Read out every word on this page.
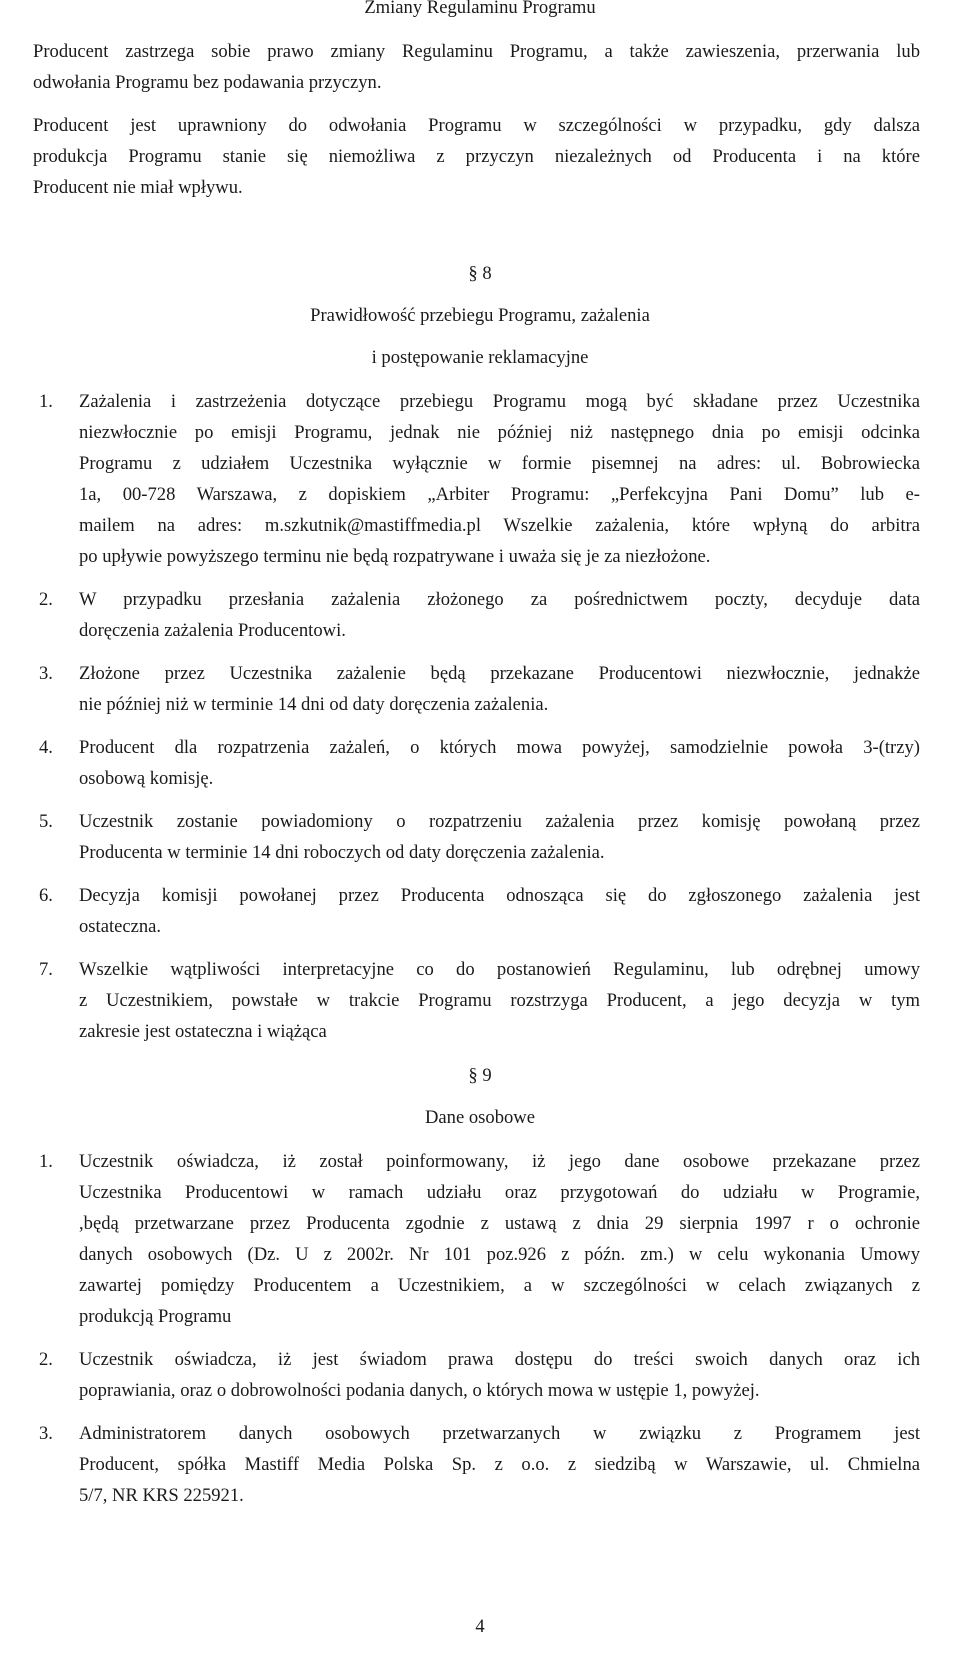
Zmiany Regulaminu Programu
Producent zastrzega sobie prawo zmiany Regulaminu Programu, a także zawieszenia, przerwania lub
odwołania Programu bez podawania przyczyn.
Producent jest uprawniony do odwołania Programu w szczególności w przypadku, gdy dalsza
produkcja Programu stanie się niemożliwa z przyczyn niezależnych od Producenta i na które
Producent nie miał wpływu.
§ 8
Prawidłowość przebiegu Programu, zażalenia
i postępowanie reklamacyjne
1. Zażalenia i zastrzeżenia dotyczące przebiegu Programu mogą być składane przez Uczestnika
niezwłocznie po emisji Programu, jednak nie później niż następnego dnia po emisji odcinka
Programu z udziałem Uczestnika wyłącznie w formie pisemnej na adres: ul. Bobrowiecka
1a, 00-728 Warszawa, z dopiskiem „Arbiter Programu: „Perfekcyjna Pani Domu” lub e-
mailem na adres: m.szkutnik@mastiffmedia.pl Wszelkie zażalenia, które wpłyną do arbitra
po upływie powyższego terminu nie będą rozpatrywane i uważa się je za niezłożone.
2. W przypadku przesłania zażalenia złożonego za pośrednictwem poczty, decyduje data
doręczenia zażalenia Producentowi.
3. Złożone przez Uczestnika zażalenie będą przekazane Producentowi niezwłocznie, jednakże
nie później niż w terminie 14 dni od daty doręczenia zażalenia.
4. Producent dla rozpatrzenia zażaleń, o których mowa powyżej, samodzielnie powoła 3-(trzy)
osobową komisję.
5. Uczestnik zostanie powiadomiony o rozpatrzeniu zażalenia przez komisję powołaną przez
Producenta w terminie 14 dni roboczych od daty doręczenia zażalenia.
6. Decyzja komisji powołanej przez Producenta odnosząca się do zgłoszonego zażalenia jest
ostateczna.
7. Wszelkie wątpliwości interpretacyjne co do postanowień Regulaminu, lub odrębnej umowy
z Uczestnikiem, powstałe w trakcie Programu rozstrzyga Producent, a jego decyzja w tym
zakresie jest ostateczna i wiążąca
§ 9
Dane osobowe
1. Uczestnik oświadcza, iż został poinformowany, iż jego dane osobowe przekazane przez
Uczestnika Producentowi w ramach udziału oraz przygotowań do udziału w Programie,
,będą przetwarzane przez Producenta zgodnie z ustawą z dnia 29 sierpnia 1997 r o ochronie
danych osobowych (Dz. U z 2002r. Nr 101 poz.926 z późn. zm.) w celu wykonania Umowy
zawartej pomiędzy Producentem a Uczestnikiem, a w szczególności w celach związanych z
produkcją Programu
2. Uczestnik oświadcza, iż jest świadom prawa dostępu do treści swoich danych oraz ich
poprawiania, oraz o dobrowolności podania danych, o których mowa w ustępie 1, powyżej.
3. Administratorem danych osobowych przetwarzanych w związku z Programem jest
Producent, spółka Mastiff Media Polska Sp. z o.o. z siedzibą w Warszawie, ul. Chmielna
5/7, NR KRS 225921.
4
